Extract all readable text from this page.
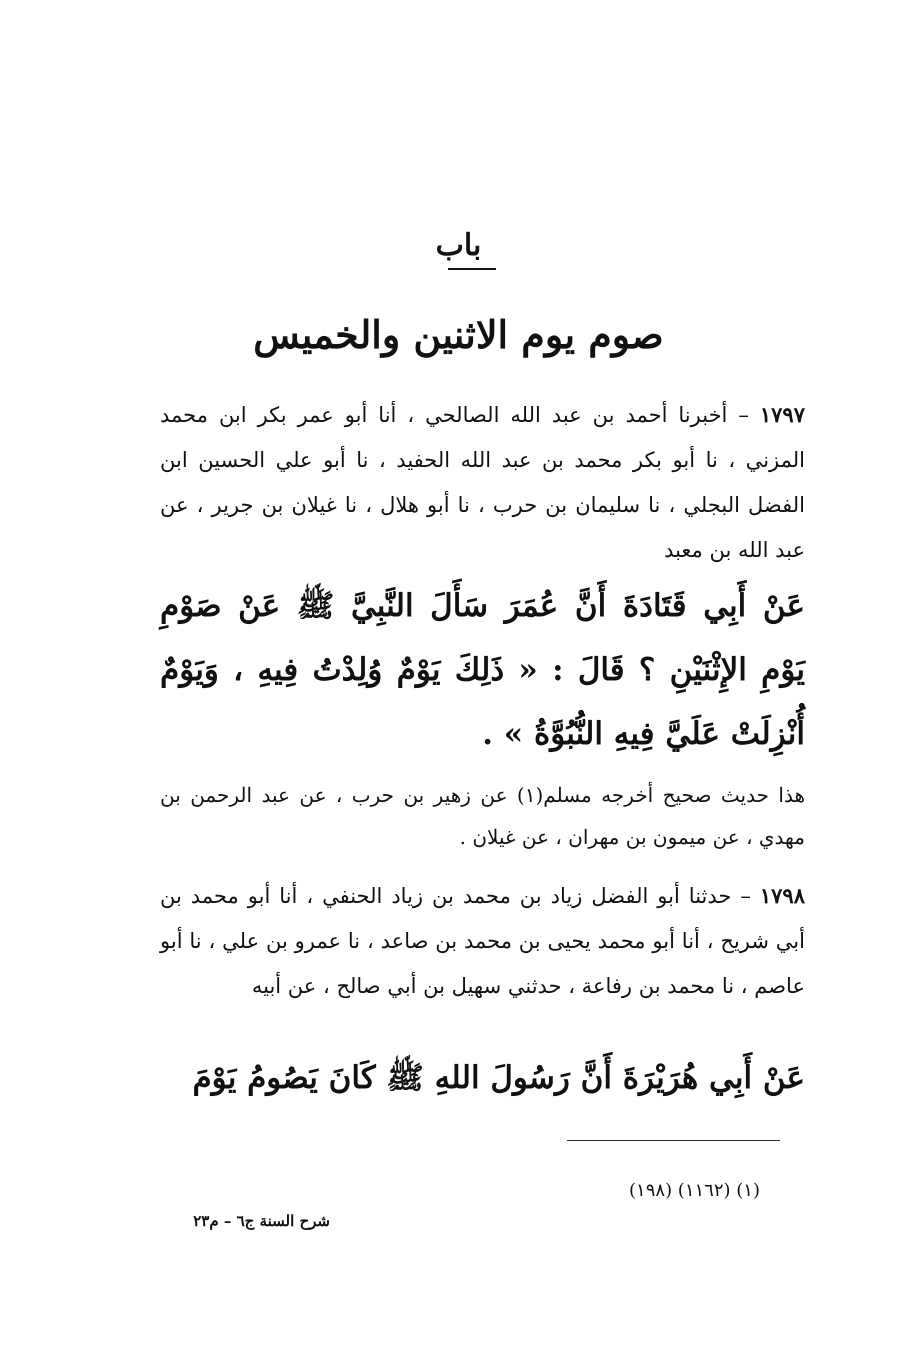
باب
صوم يوم الاثنين والخميس
١٧٩٧ – أخبرنا أحمد بن عبد الله الصالحي ، أنا أبو عمر بكر ابن محمد المزني ، نا أبو بكر محمد بن عبد الله الحفيد ، نا أبو علي الحسين ابن الفضل البجلي ، نا سليمان بن حرب ، نا أبو هلال ، نا غيلان بن جرير ، عن عبد الله بن معبد
عَنْ أَبِي قَتَادَةَ أَنَّ عُمَرَ سَأَلَ النَّبِيَّ ﷺ عَنْ صَوْمِ يَوْمِ الإِثْنَيْنِ ؟ قَالَ : « ذَلِكَ يَوْمٌ وُلِدْتُ فِيهِ ، وَيَوْمٌ أُنْزِلَتْ عَلَيَّ فِيهِ النُّبُوَّةُ » .
هذا حديث صحيح أخرجه مسلم(١) عن زهير بن حرب ، عن عبد الرحمن بن مهدي ، عن ميمون بن مهران ، عن غيلان .
١٧٩٨ – حدثنا أبو الفضل زياد بن محمد بن زياد الحنفي ، أنا أبو محمد بن أبي شريح ، أنا أبو محمد يحيى بن محمد بن صاعد ، نا عمرو بن علي ، نا أبو عاصم ، نا محمد بن رفاعة ، حدثني سهيل بن أبي صالح ، عن أبيه
عَنْ أَبِي هُرَيْرَةَ أَنَّ رَسُولَ اللهِ ﷺ كَانَ يَصُومُ يَوْمَ
(١) (١١٦٢) (١٩٨)
شرح السنة ج٦ – م٢٣
